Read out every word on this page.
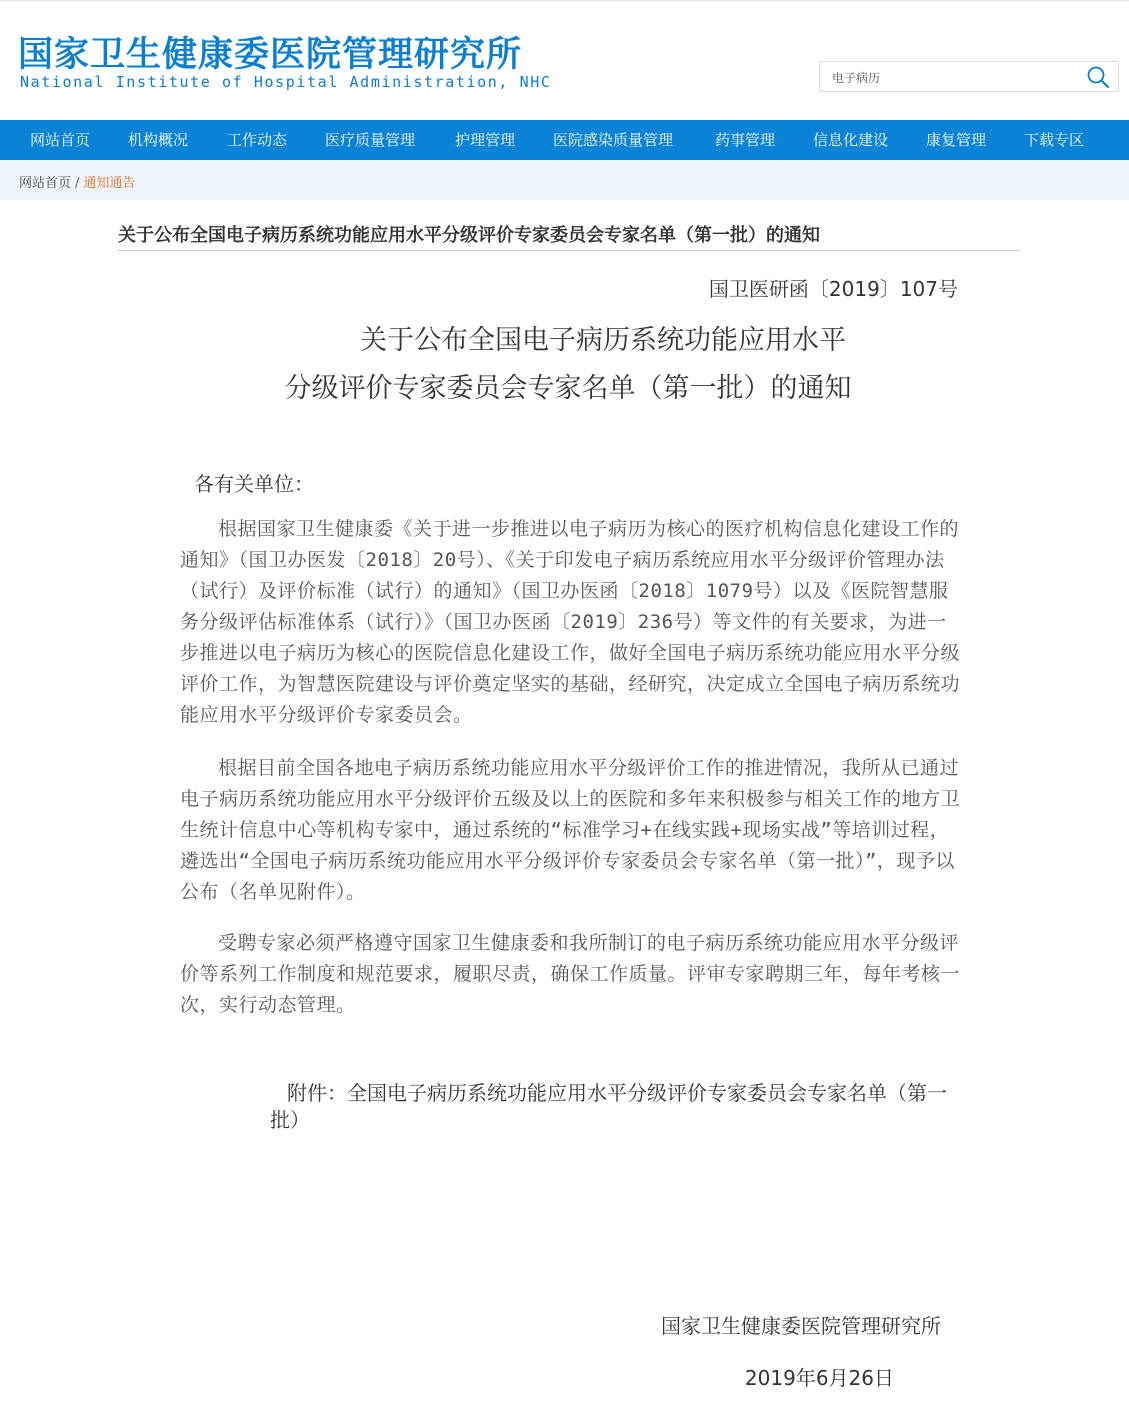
国家卫生健康委医院管理研究所
National Institute of Hospital Administration, NHC
电子病历
网站首页	机构概况	工作动态	医疗质量管理	护理管理	医院感染质量管理	药事管理	信息化建设	康复管理	下载专区
网站首页 / 通知通告
关于公布全国电子病历系统功能应用水平分级评价专家委员会专家名单（第一批）的通知
国卫医研函〔2019〕107号
关于公布全国电子病历系统功能应用水平
分级评价专家委员会专家名单（第一批）的通知
各有关单位：
根据国家卫生健康委《关于进一步推进以电子病历为核心的医疗机构信息化建设工作的通知》（国卫办医发〔2018〕20号）、《关于印发电子病历系统应用水平分级评价管理办法（试行）及评价标准（试行）的通知》（国卫办医函〔2018〕1079号）以及《医院智慧服务分级评估标准体系（试行）》（国卫办医函〔2019〕236号）等文件的有关要求，为进一步推进以电子病历为核心的医院信息化建设工作，做好全国电子病历系统功能应用水平分级评价工作，为智慧医院建设与评价奠定坚实的基础，经研究，决定成立全国电子病历系统功能应用水平分级评价专家委员会。
根据目前全国各地电子病历系统功能应用水平分级评价工作的推进情况，我所从已通过电子病历系统功能应用水平分级评价五级及以上的医院和多年来积极参与相关工作的地方卫生统计信息中心等机构专家中，通过系统的“标准学习+在线实践+现场实战”等培训过程，遴选出“全国电子病历系统功能应用水平分级评价专家委员会专家名单（第一批）”，现予以公布（名单见附件）。
受聘专家必须严格遵守国家卫生健康委和我所制订的电子病历系统功能应用水平分级评价等系列工作制度和规范要求，履职尽责，确保工作质量。评审专家聘期三年，每年考核一次，实行动态管理。
附件：全国电子病历系统功能应用水平分级评价专家委员会专家名单（第一批）
国家卫生健康委医院管理研究所
2019年6月26日
